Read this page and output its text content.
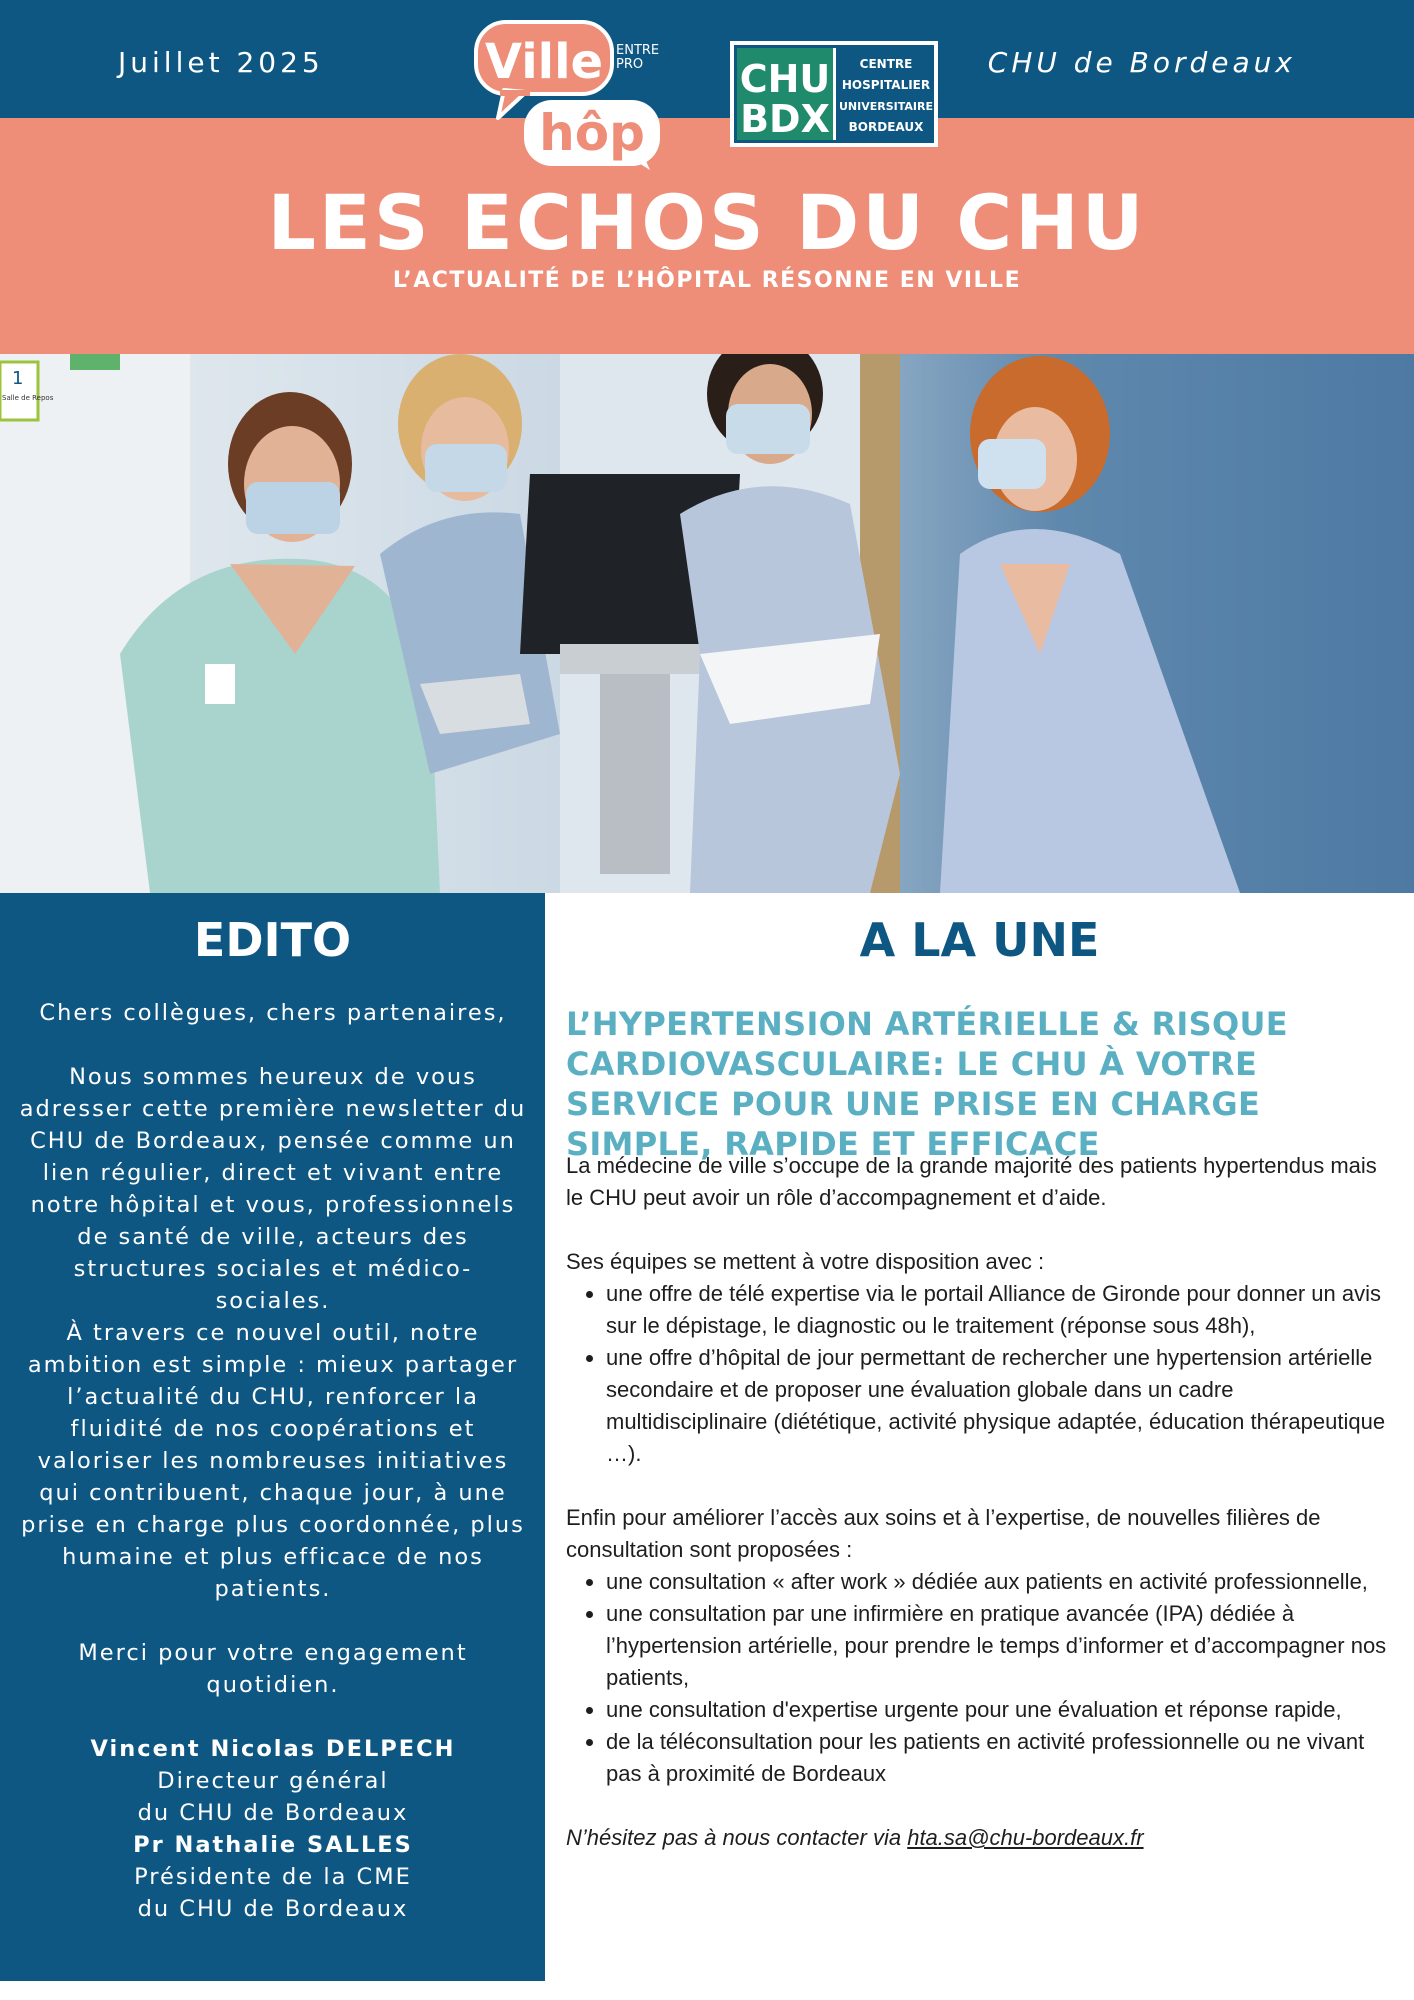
Juillet 2025	CHU de Bordeaux
LES ECHOS DU CHU
L’ACTUALITÉ DE L’HÔPITAL RÉSONNE EN VILLE
Ville ENTRE
PRO
hôp
CHU
BDX
CENTRE
HOSPITALIER
UNIVERSITAIRE
BORDEAUX
1
Salle de Repos
EDITO

Chers collègues, chers partenaires,

Nous sommes heureux de vous adresser cette première newsletter du CHU de Bordeaux, pensée comme un lien régulier, direct et vivant entre notre hôpital et vous, professionnels de santé de ville, acteurs des structures sociales et médico-sociales.

À travers ce nouvel outil, notre ambition est simple : mieux partager l’actualité du CHU, renforcer la fluidité de nos coopérations et valoriser les nombreuses initiatives qui contribuent, chaque jour, à une prise en charge plus coordonnée, plus humaine et plus efficace de nos patients.

Merci pour votre engagement quotidien.

Vincent Nicolas DELPECH

Directeur général

du CHU de Bordeaux

Pr Nathalie SALLES

Présidente de la CME

du CHU de Bordeaux

A LA UNE
L’HYPERTENSION ARTÉRIELLE & RISQUE CARDIOVASCULAIRE: LE CHU À VOTRE SERVICE POUR UNE PRISE EN CHARGE SIMPLE, RAPIDE ET EFFICACE

La médecine de ville s’occupe de la grande majorité des patients hypertendus mais le CHU peut avoir un rôle d’accompagnement et d’aide.

Ses équipes se mettent à votre disposition avec :

• une offre de télé expertise via le portail Alliance de Gironde pour donner un avis sur le dépistage, le diagnostic ou le traitement (réponse sous 48h),
• une offre d’hôpital de jour permettant de rechercher une hypertension artérielle secondaire et de proposer une évaluation globale dans un cadre multidisciplinaire (diététique, activité physique adaptée, éducation thérapeutique …).

Enfin pour améliorer l’accès aux soins et à l’expertise, de nouvelles filières de consultation sont proposées :

• une consultation « after work » dédiée aux patients en activité professionnelle,
• une consultation par une infirmière en pratique avancée (IPA) dédiée à l’hypertension artérielle, pour prendre le temps d’informer et d’accompagner nos patients,
• une consultation d'expertise urgente pour une évaluation et réponse rapide,
• de la téléconsultation pour les patients en activité professionnelle ou ne vivant pas à proximité de Bordeaux

N’hésitez pas à nous contacter via hta.sa@chu-bordeaux.fr
